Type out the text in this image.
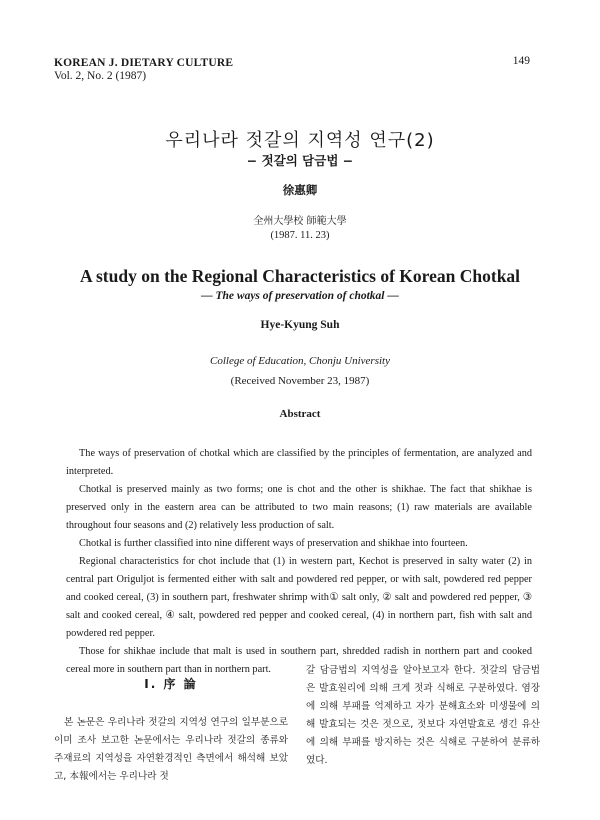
KOREAN J. DIETARY CULTURE
Vol. 2, No. 2 (1987)
149
우리나라 젓갈의 지역성 연구(2)
− 젓갈의 담금법 −
徐惠卿
全州大學校 師範大學
(1987. 11. 23)
A study on the Regional Characteristics of Korean Chotkal
— The ways of preservation of chotkal —
Hye-Kyung Suh
College of Education, Chonju University
(Received November 23, 1987)
Abstract

The ways of preservation of chotkal which are classified by the principles of fermentation, are analyzed and interpreted.

Chotkal is preserved mainly as two forms; one is chot and the other is shikhae. The fact that shikhae is preserved only in the eastern area can be attributed to two main reasons; (1) raw materials are available throughout four seasons and (2) relatively less production of salt.

Chotkal is further classified into nine different ways of preservation and shikhae into fourteen.

Regional characteristics for chot include that (1) in western part, Kechot is preserved in salty water (2) in central part Origuljot is fermented either with salt and powdered red pepper, or with salt, powdered red pepper and cooked cereal, (3) in southern part, freshwater shrimp with① salt only, ② salt and powdered red pepper, ③ salt and cooked cereal, ④ salt, powdered red pepper and cooked cereal, (4) in northern part, fish with salt and powdered red pepper.

Those for shikhae include that malt is used in southern part, shredded radish in northern part and cooked cereal more in southern part than in northern part.

I. 序 論

본 논문은 우리나라 젓갈의 지역성 연구의 일부분으로 이미 조사 보고한 논문에서는 우리나라 젓갈의 종류와 주재료의 지역성을 자연환경적인 측면에서 해석해 보았고, 本報에서는 우리나라 젓

갈 담금법의 지역성을 알아보고자 한다. 젓갈의 담금법은 발효원리에 의해 크게 젓과 식해로 구분하였다. 염장에 의해 부패를 억제하고 자가 분해효소와 미생물에 의해 발효되는 것은 젓으로, 젓보다 자연발효로 생긴 유산에 의해 부패를 방지하는 것은 식해로 구분하여 분류하였다.
